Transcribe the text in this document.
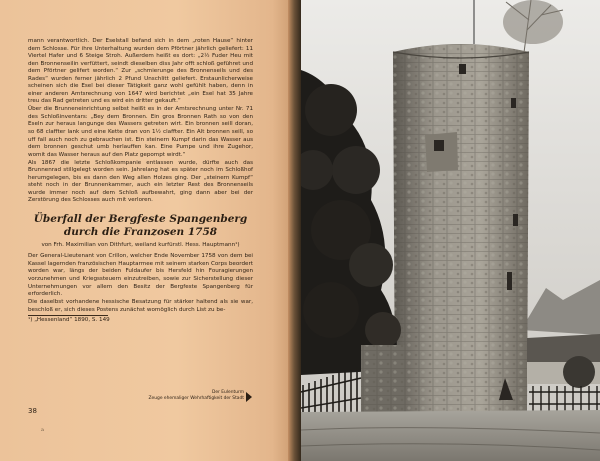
mann verantwortlich. Der Eselstall befand sich in dem „roten Hause“ hinter dem Schlosse. Für ihre Unterhaltung wurden dem Pförtner jährlich geliefert: 11 Viertel Hafer und 6 Steige Stroh. Außerdem heißt es dort: „2½ Fuder Heu mit den Bronnenseilin verfüttert, seindt dieselben diss Jahr offt schloß geführet und dem Pförtner gelifert worden.“ Zur „schmierunge des Bronnenseils und des Rades“ wurden ferner jährlich 2 Pfund Unschlitt geliefert. Erstaunlicherweise scheinen sich die Esel bei dieser Tätigkeit ganz wohl gefühlt haben, denn in einer anderen Amtsrechnung von 1647 wird berichtet „ein Esel hat 35 Jahre treu das Rad getreten und es wird ein dritter gekauft.“

Über die Brunneneinrichtung selbst heißt es in der Amtsrechnung unter Nr. 71 des Schloßinventars: „Bey dem Bronnen. Ein gros Bronnen Rath so von den Eseln zur heraus langunge des Wassers getreten wirt. Ein bronnen seill doran, so 68 claffter lank und eine Kette dran von 1½ claffter. Ein Alt bronnen seill, so uff fall auch noch zu gebrauchen ist. Ein steinern Kumpf darin das Wasser aus dem bronnen geschut umb herlauffen kan. Eine Pumpe und ihre Zugehor, womit das Wasser heraus auf den Platz gepompt wirdt.“

Als 1867 die letzte Schloßkompanie entlassen wurde, dürfte auch das Brunnenrad stillgelegt worden sein. Jahrelang hat es später noch im Schloßhof herumgelegen, bis es dann den Weg allen Holzes ging. Der „steinern Kumpf“ steht noch in der Brunnenkammer, auch ein letzter Rest des Bronnenseils wurde immer noch auf dem Schloß aufbewahrt, ging dann aber bei der Zerstörung des Schlosses auch mit verloren.

Überfall der Bergfeste Spangenberg
durch die Franzosen 1758
von Frh. Maximilian von Dithfurt, weiland kurfürstl. Hess. Hauptmann¹)

Der General-Lieutenant von Crillon, welcher Ende November 1758 von dem bei Kassel lagernden französischen Hauptarmee mit seinem starken Corps beordert worden war, längs der beiden Fuldaufer bis Hersfeld hin Fouragierungen vorzunehmen und Kriegssteuern einzutreiben, sowie zur Sicherstellung dieser Unternehmungen vor allem den Besitz der Bergfeste Spangenberg für erforderlich.

Die daselbst vorhandene hessische Besatzung für stärker haltend als sie war, beschloß er, sich dieses Postens zunächst womöglich durch List zu be-

¹) „Hessenland“ 1890, S. 149
38
Der Eulenturm
Zeuge ehemaliger Wehrhaftigkeit der Stadt
a
